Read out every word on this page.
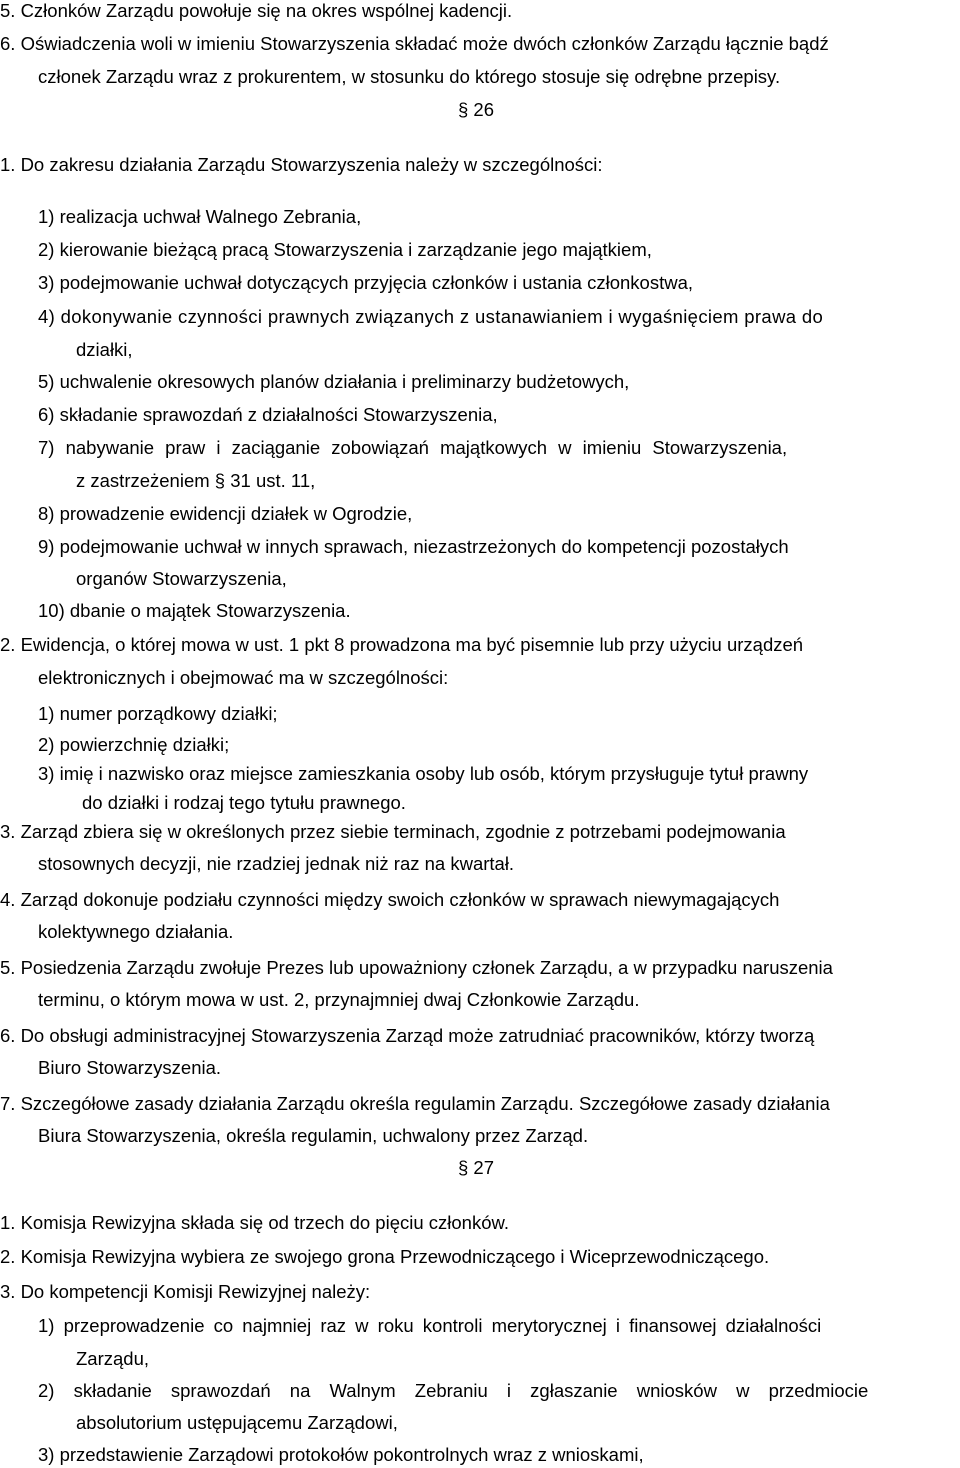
5. Członków Zarządu powołuje się na okres wspólnej kadencji.
6. Oświadczenia woli w imieniu Stowarzyszenia składać może dwóch członków Zarządu łącznie bądź
członek Zarządu wraz z prokurentem, w stosunku do którego stosuje się odrębne przepisy.
§ 26
1. Do zakresu działania Zarządu Stowarzyszenia należy w szczególności:
1) realizacja uchwał Walnego Zebrania,
2) kierowanie bieżącą pracą Stowarzyszenia i zarządzanie jego majątkiem,
3) podejmowanie uchwał dotyczących przyjęcia członków i ustania członkostwa,
4) dokonywanie czynności prawnych związanych z ustanawianiem i wygaśnięciem prawa do
działki,
5) uchwalenie okresowych planów działania i preliminarzy budżetowych,
6) składanie sprawozdań z działalności Stowarzyszenia,
7) nabywanie praw i zaciąganie zobowiązań majątkowych w imieniu Stowarzyszenia,
z zastrzeżeniem § 31 ust. 11,
8) prowadzenie ewidencji działek w Ogrodzie,
9) podejmowanie uchwał w innych sprawach, niezastrzeżonych do kompetencji pozostałych
organów Stowarzyszenia,
10) dbanie o majątek Stowarzyszenia.
2. Ewidencja, o której mowa w ust. 1 pkt 8 prowadzona ma być pisemnie lub przy użyciu urządzeń
elektronicznych i obejmować ma w szczególności:
1) numer porządkowy działki;
2) powierzchnię działki;
3) imię i nazwisko oraz miejsce zamieszkania osoby lub osób, którym przysługuje tytuł prawny
do działki i rodzaj tego tytułu prawnego.
3. Zarząd zbiera się w określonych przez siebie terminach, zgodnie z potrzebami podejmowania
stosownych decyzji, nie rzadziej jednak niż raz na kwartał.
4. Zarząd dokonuje podziału czynności między swoich członków w sprawach niewymagających
kolektywnego działania.
5. Posiedzenia Zarządu zwołuje Prezes lub upoważniony członek Zarządu, a w przypadku naruszenia
terminu, o którym mowa w ust. 2, przynajmniej dwaj Członkowie Zarządu.
6. Do obsługi administracyjnej Stowarzyszenia Zarząd może zatrudniać pracowników, którzy tworzą
Biuro Stowarzyszenia.
7. Szczegółowe zasady działania Zarządu określa regulamin Zarządu. Szczegółowe zasady działania
Biura Stowarzyszenia, określa regulamin, uchwalony przez Zarząd.
§ 27
1. Komisja Rewizyjna składa się od trzech do pięciu członków.
2. Komisja Rewizyjna wybiera ze swojego grona Przewodniczącego i Wiceprzewodniczącego.
3. Do kompetencji Komisji Rewizyjnej należy:
1) przeprowadzenie co najmniej raz w roku kontroli merytorycznej i finansowej działalności
Zarządu,
2) składanie sprawozdań na Walnym Zebraniu i zgłaszanie wniosków w przedmiocie
absolutorium ustępującemu Zarządowi,
3) przedstawienie Zarządowi protokołów pokontrolnych wraz z wnioskami,
